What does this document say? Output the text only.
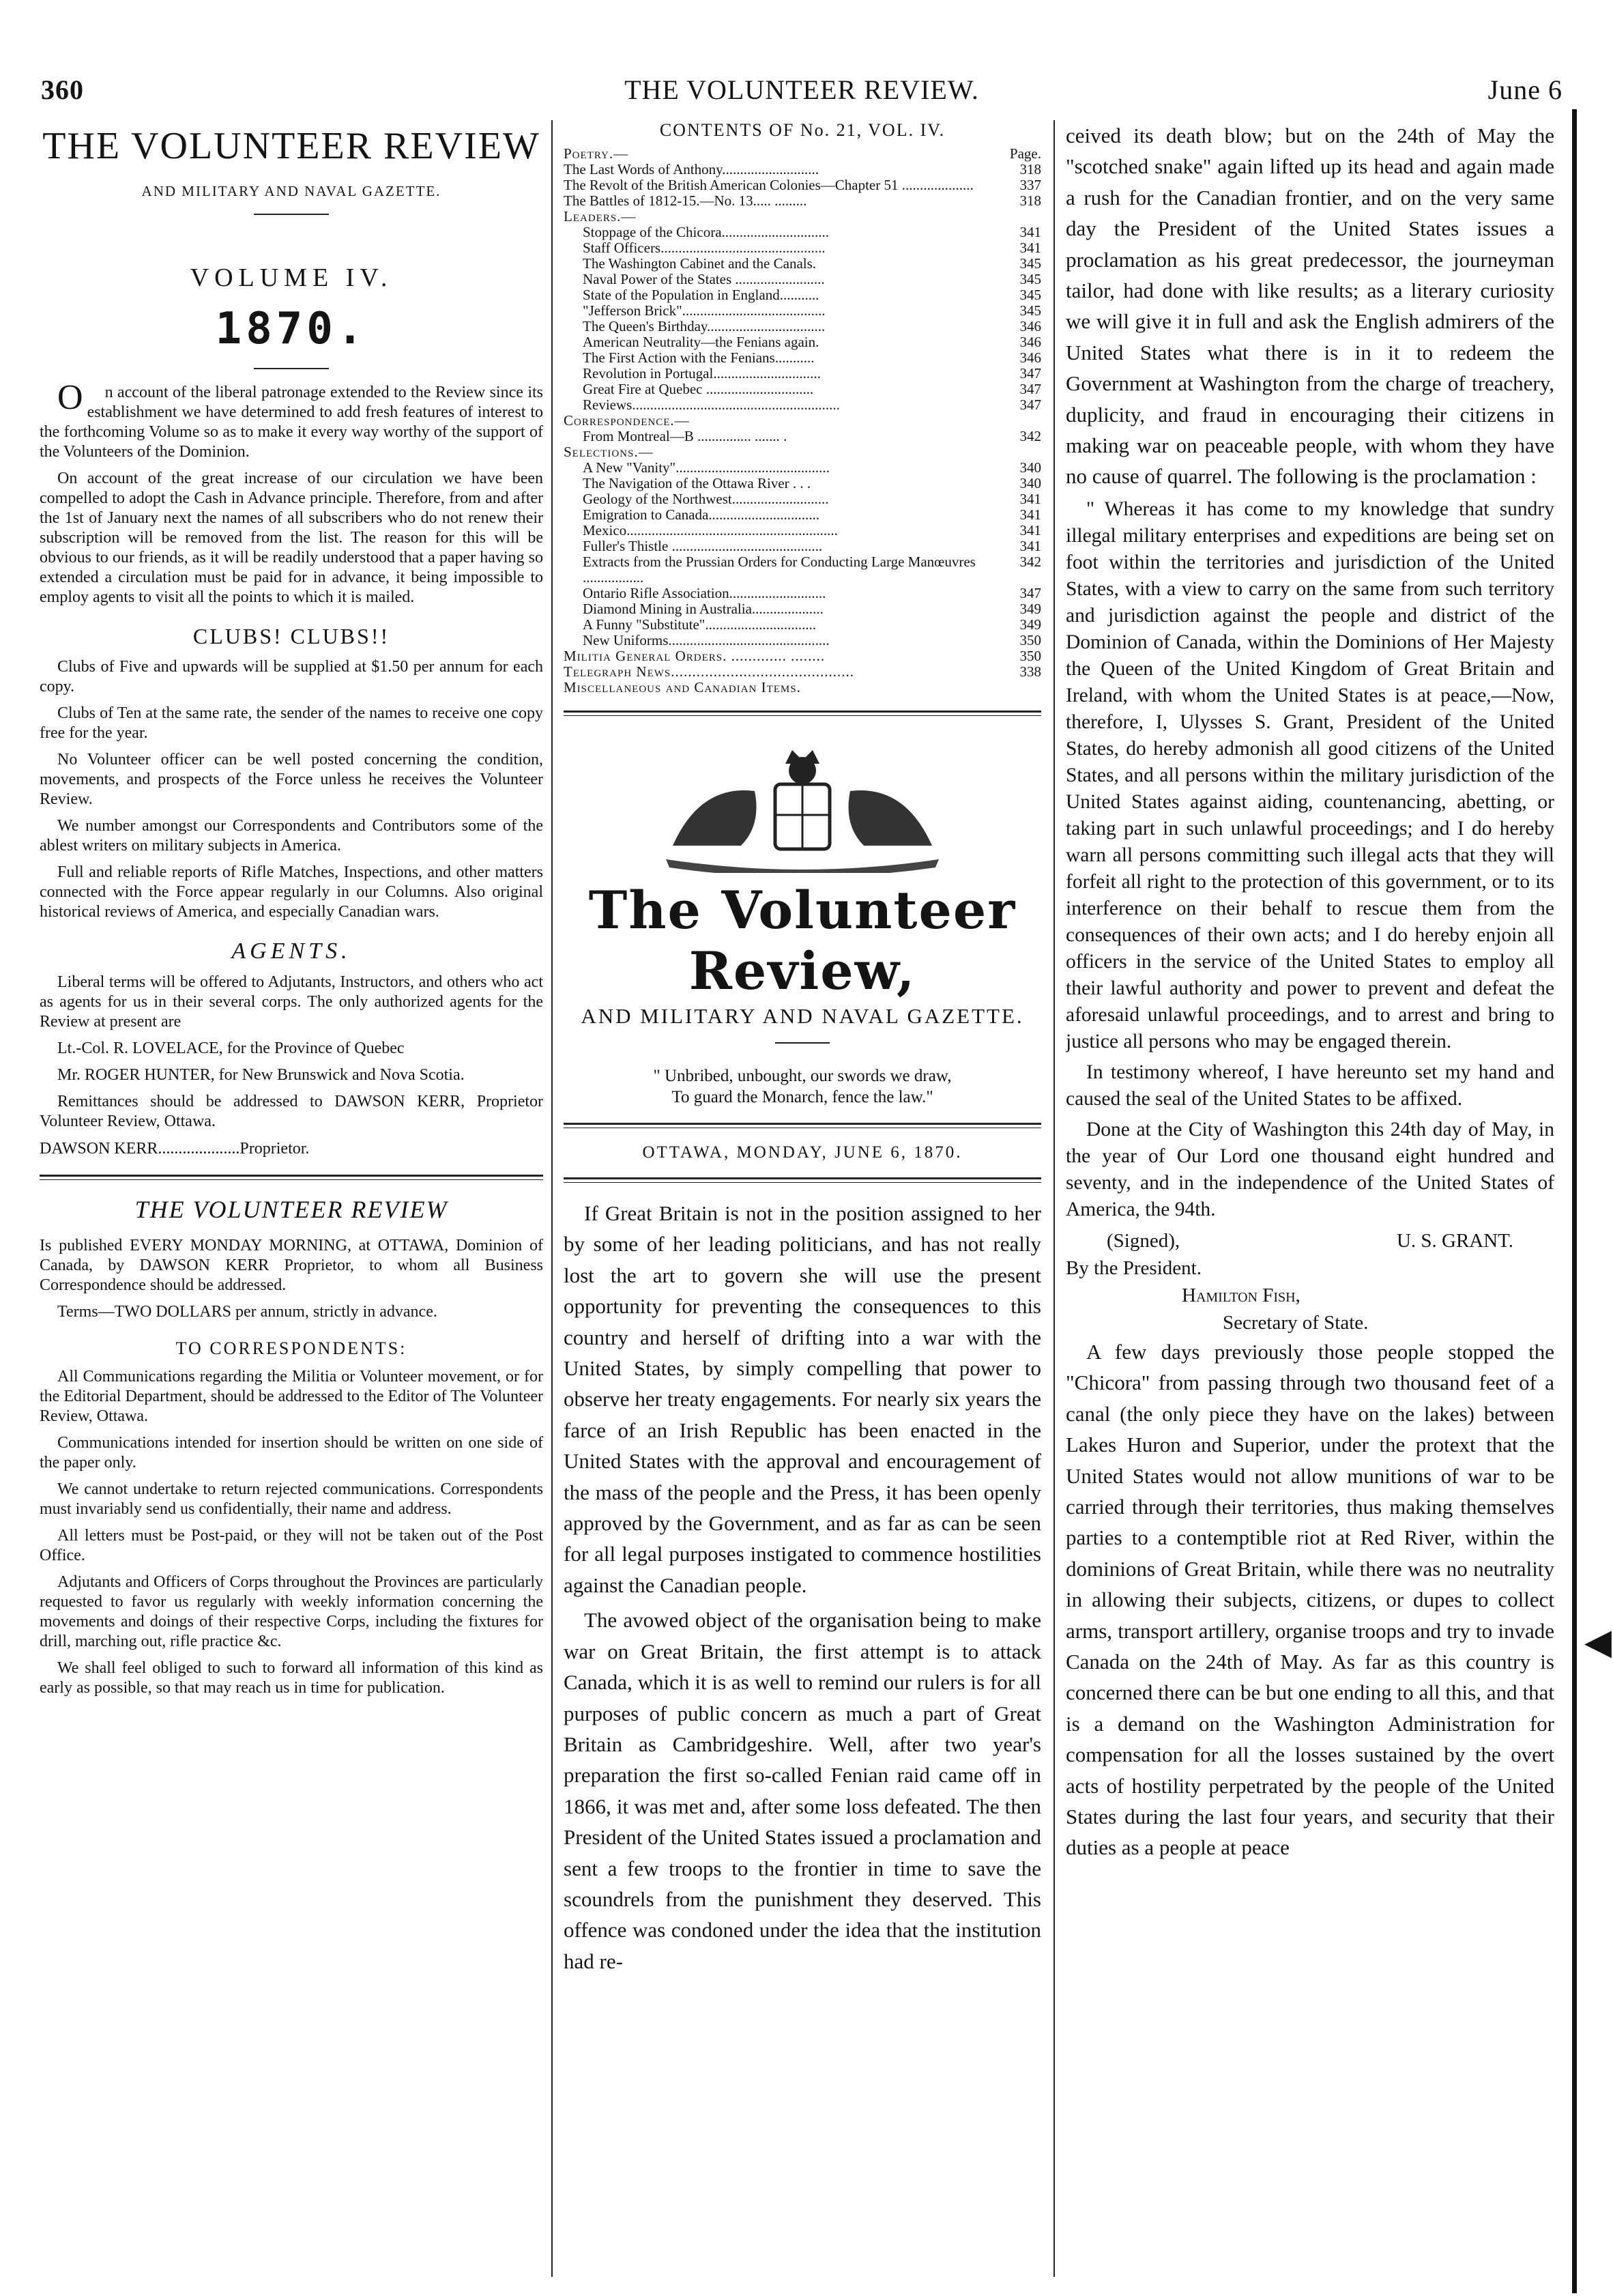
360	THE VOLUNTEER REVIEW.	June 6
◀
THE VOLUNTEER REVIEW
AND MILITARY AND NAVAL GAZETTE.
VOLUME IV.
1870.

On account of the liberal patronage extended to the Review since its establishment we have determined to add fresh features of interest to the forthcoming Volume so as to make it every way worthy of the support of the Volunteers of the Dominion.

On account of the great increase of our circulation we have been compelled to adopt the Cash in Advance principle. Therefore, from and after the 1st of January next the names of all subscribers who do not renew their subscription will be removed from the list. The reason for this will be obvious to our friends, as it will be readily understood that a paper having so extended a circulation must be paid for in advance, it being impossible to employ agents to visit all the points to which it is mailed.

CLUBS! CLUBS!!

Clubs of Five and upwards will be supplied at $1.50 per annum for each copy.

Clubs of Ten at the same rate, the sender of the names to receive one copy free for the year.

No Volunteer officer can be well posted concerning the condition, movements, and prospects of the Force unless he receives the Volunteer Review.

We number amongst our Correspondents and Contributors some of the ablest writers on military subjects in America.

Full and reliable reports of Rifle Matches, Inspections, and other matters connected with the Force appear regularly in our Columns. Also original historical reviews of America, and especially Canadian wars.

AGENTS.

Liberal terms will be offered to Adjutants, Instructors, and others who act as agents for us in their several corps. The only authorized agents for the Review at present are

Lt.-Col. R. LOVELACE, for the Province of Quebec

Mr. ROGER HUNTER, for New Brunswick and Nova Scotia.

Remittances should be addressed to DAWSON KERR, Proprietor Volunteer Review, Ottawa.

DAWSON KERR....................Proprietor.
THE VOLUNTEER REVIEW

Is published EVERY MONDAY MORNING, at OTTAWA, Dominion of Canada, by DAWSON KERR Proprietor, to whom all Business Correspondence should be addressed.

Terms—TWO DOLLARS per annum, strictly in advance.

TO CORRESPONDENTS:

All Communications regarding the Militia or Volunteer movement, or for the Editorial Department, should be addressed to the Editor of The Volunteer Review, Ottawa.

Communications intended for insertion should be written on one side of the paper only.

We cannot undertake to return rejected communications. Correspondents must invariably send us confidentially, their name and address.

All letters must be Post-paid, or they will not be taken out of the Post Office.

Adjutants and Officers of Corps throughout the Provinces are particularly requested to favor us regularly with weekly information concerning the movements and doings of their respective Corps, including the fixtures for drill, marching out, rifle practice &c.

We shall feel obliged to such to forward all information of this kind as early as possible, so that may reach us in time for publication.

CONTENTS OF No. 21, VOL. IV.
Poetry.—	Page.
The Last Words of Anthony...........................	318
The Revolt of the British American Colonies—Chapter 51 ....................	337
The Battles of 1812-15.—No. 13..... .........	318
Leaders.—
Stoppage of the Chicora..............................	341
Staff Officers..............................................	341
The Washington Cabinet and the Canals.	345
Naval Power of the States .........................	345
State of the Population in England...........	345
"Jefferson Brick"........................................	345
The Queen's Birthday.................................	346
American Neutrality—the Fenians again.	346
The First Action with the Fenians...........	346
Revolution in Portugal..............................	347
Great Fire at Quebec ..............................	347
Reviews..........................................................	347
Correspondence.—
From Montreal—B ............... ....... .	342
Selections.—
A New "Vanity"...........................................	340
The Navigation of the Ottawa River . . .	340
Geology of the Northwest...........................	341
Emigration to Canada...............................	341
Mexico...........................................................	341
Fuller's Thistle ..........................................	341
Extracts from the Prussian Orders for Conducting Large Manœuvres .................
342
Ontario Rifle Association...........................	347
Diamond Mining in Australia....................	349
A Funny "Substitute"...............................	349
New Uniforms.............................................	350
Militia General Orders. ............. ........	350
Telegraph News...........................................	338
Miscellaneous and Canadian Items.
The Volunteer Review,
AND MILITARY AND NAVAL GAZETTE.
" Unbribed, unbought, our swords we draw,
To guard the Monarch, fence the law."
OTTAWA, MONDAY, JUNE 6, 1870.

If Great Britain is not in the position assigned to her by some of her leading politicians, and has not really lost the art to govern she will use the present opportunity for preventing the consequences to this country and herself of drifting into a war with the United States, by simply compelling that power to observe her treaty engagements. For nearly six years the farce of an Irish Republic has been enacted in the United States with the approval and encouragement of the mass of the people and the Press, it has been openly approved by the Government, and as far as can be seen for all legal purposes instigated to commence hostilities against the Canadian people.

The avowed object of the organisation being to make war on Great Britain, the first attempt is to attack Canada, which it is as well to remind our rulers is for all purposes of public concern as much a part of Great Britain as Cambridgeshire. Well, after two year's preparation the first so-called Fenian raid came off in 1866, it was met and, after some loss defeated. The then President of the United States issued a proclamation and sent a few troops to the frontier in time to save the scoundrels from the punishment they deserved. This offence was condoned under the idea that the institution had re-

ceived its death blow; but on the 24th of May the "scotched snake" again lifted up its head and again made a rush for the Canadian frontier, and on the very same day the President of the United States issues a proclamation as his great predecessor, the journeyman tailor, had done with like results; as a literary curiosity we will give it in full and ask the English admirers of the United States what there is in it to redeem the Government at Washington from the charge of treachery, duplicity, and fraud in encouraging their citizens in making war on peaceable people, with whom they have no cause of quarrel. The following is the proclamation :

" Whereas it has come to my knowledge that sundry illegal military enterprises and expeditions are being set on foot within the territories and jurisdiction of the United States, with a view to carry on the same from such territory and jurisdiction against the people and district of the Dominion of Canada, within the Dominions of Her Majesty the Queen of the United Kingdom of Great Britain and Ireland, with whom the United States is at peace,—Now, therefore, I, Ulysses S. Grant, President of the United States, do hereby admonish all good citizens of the United States, and all persons within the military jurisdiction of the United States against aiding, countenancing, abetting, or taking part in such unlawful proceedings; and I do hereby warn all persons committing such illegal acts that they will forfeit all right to the protection of this government, or to its interference on their behalf to rescue them from the consequences of their own acts; and I do hereby enjoin all officers in the service of the United States to employ all their lawful authority and power to prevent and defeat the aforesaid unlawful proceedings, and to arrest and bring to justice all persons who may be engaged therein.

In testimony whereof, I have hereunto set my hand and caused the seal of the United States to be affixed.

Done at the City of Washington this 24th day of May, in the year of Our Lord one thousand eight hundred and seventy, and in the independence of the United States of America, the 94th.

(Signed),	U. S. GRANT.
By the President.
Hamilton Fish,
Secretary of State.

A few days previously those people stopped the "Chicora" from passing through two thousand feet of a canal (the only piece they have on the lakes) between Lakes Huron and Superior, under the protext that the United States would not allow munitions of war to be carried through their territories, thus making themselves parties to a contemptible riot at Red River, within the dominions of Great Britain, while there was no neutrality in allowing their subjects, citizens, or dupes to collect arms, transport artillery, organise troops and try to invade Canada on the 24th of May. As far as this country is concerned there can be but one ending to all this, and that is a demand on the Washington Administration for compensation for all the losses sustained by the overt acts of hostility perpetrated by the people of the United States during the last four years, and security that their duties as a people at peace
